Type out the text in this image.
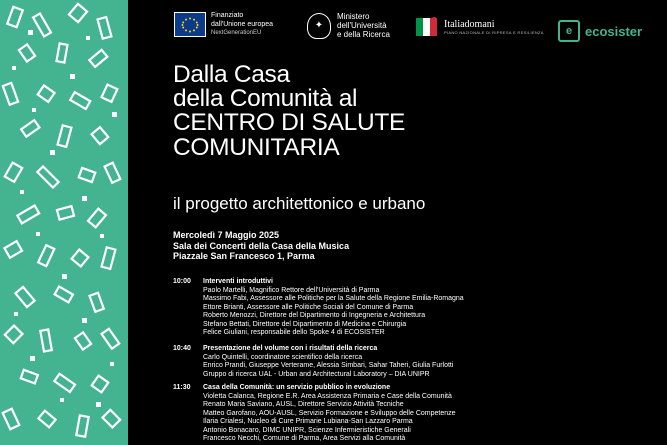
Finanziato
dall'Unione europea
NextGenerationEU
✦
Ministero
dell'Università
e della Ricerca
Italiadomani
PIANO NAZIONALE DI RIPRESA E RESILIENZA	e ecosister
Dalla Casa
della Comunità al
CENTRO DI SALUTE
COMUNITARIA
il progetto architettonico e urbano
Mercoledì 7 Maggio 2025
Sala dei Concerti della Casa della Musica
Piazzale San Francesco 1, Parma
10:00 Interventi introduttivi
Paolo Martelli, Magnifico Rettore dell'Università di Parma
Massimo Fabi, Assessore alle Politiche per la Salute della Regione Emilia-Romagna
Ettore Brianti, Assessore alle Politiche Sociali del Comune di Parma
Roberto Menozzi, Direttore del Dipartimento di Ingegneria e Architettura
Stefano Bettati, Direttore del Dipartimento di Medicina e Chirurgia
Felice Giuliani, responsabile dello Spoke 4 di ECOSISTER
10:40 Presentazione del volume con i risultati della ricerca
Carlo Quintelli, coordinatore scientifico della ricerca
Enrico Prandi, Giuseppe Verterame, Alessia Simbari, Sahar Taheri, Giulia Furlotti
Gruppo di ricerca UAL - Urban and Architectural Laboratory – DIA UNIPR
11:30 Casa della Comunità: un servizio pubblico in evoluzione
Violetta Calanca, Regione E.R. Area Assistenza Primaria e Case della Comunità
Renato Maria Saviano, AUSL, Direttore Servizio Attività Tecniche
Matteo Garofano, AOU-AUSL, Servizio Formazione e Sviluppo delle Competenze
Ilaria Crialesi, Nucleo di Cure Primarie Lubiana-San Lazzaro Parma
Antonio Bonacaro, DIMC UNIPR, Scienze Infermieristiche Generali
Francesco Necchi, Comune di Parma, Area Servizi alla Comunità
